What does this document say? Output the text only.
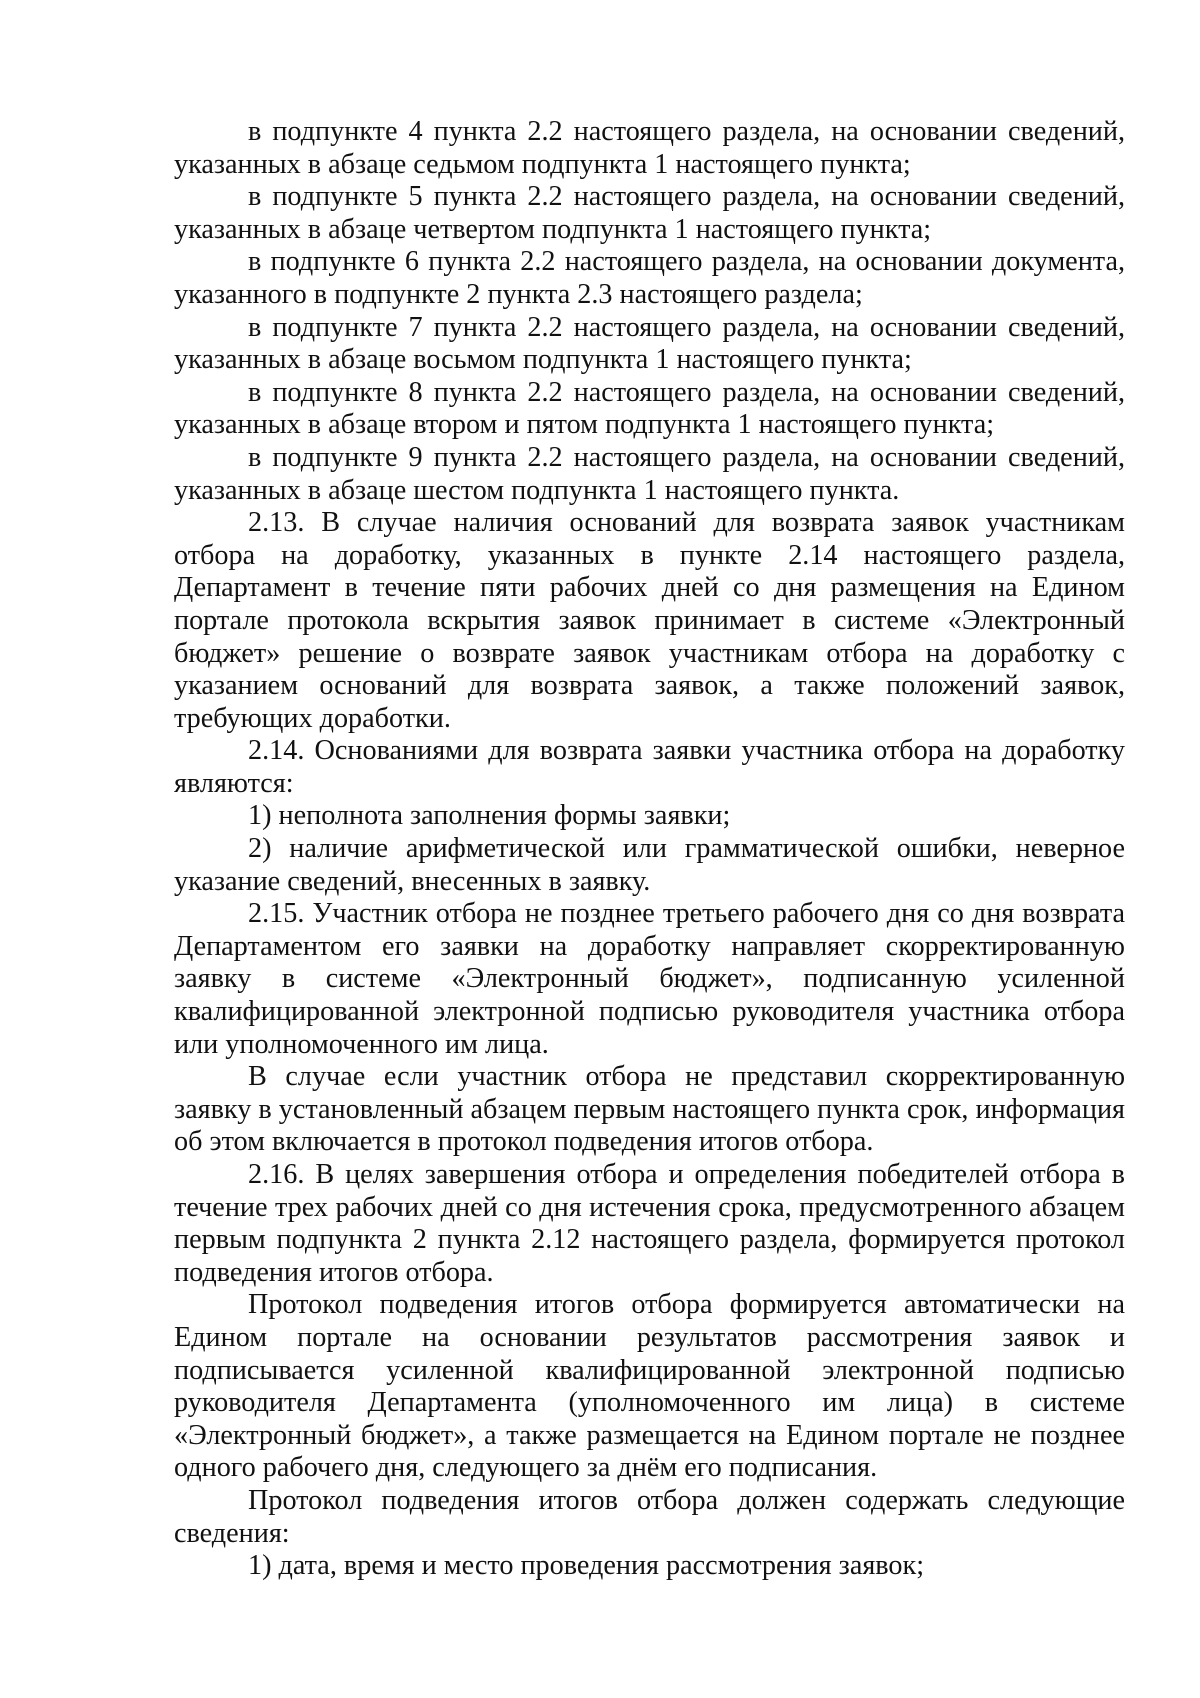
в подпункте 4 пункта 2.2 настоящего раздела, на основании сведений, указанных в абзаце седьмом подпункта 1 настоящего пункта;

в подпункте 5 пункта 2.2 настоящего раздела, на основании сведений, указанных в абзаце четвертом подпункта 1 настоящего пункта;

в подпункте 6 пункта 2.2 настоящего раздела, на основании документа, указанного в подпункте 2 пункта 2.3 настоящего раздела;

в подпункте 7 пункта 2.2 настоящего раздела, на основании сведений, указанных в абзаце восьмом подпункта 1 настоящего пункта;

в подпункте 8 пункта 2.2 настоящего раздела, на основании сведений, указанных в абзаце втором и пятом подпункта 1 настоящего пункта;

в подпункте 9 пункта 2.2 настоящего раздела, на основании сведений, указанных в абзаце шестом подпункта 1 настоящего пункта.

2.13. В случае наличия оснований для возврата заявок участникам отбора на доработку, указанных в пункте 2.14 настоящего раздела, Департамент в течение пяти рабочих дней со дня размещения на Едином портале протокола вскрытия заявок принимает в системе «Электронный бюджет» решение о возврате заявок участникам отбора на доработку с указанием оснований для возврата заявок, а также положений заявок, требующих доработки.

2.14. Основаниями для возврата заявки участника отбора на доработку являются:

1) неполнота заполнения формы заявки;

2) наличие арифметической или грамматической ошибки, неверное указание сведений, внесенных в заявку.

2.15. Участник отбора не позднее третьего рабочего дня со дня возврата Департаментом его заявки на доработку направляет скорректированную заявку в системе «Электронный бюджет», подписанную усиленной квалифицированной электронной подписью руководителя участника отбора или уполномоченного им лица.

В случае если участник отбора не представил скорректированную заявку в установленный абзацем первым настоящего пункта срок, информация об этом включается в протокол подведения итогов отбора.

2.16. В целях завершения отбора и определения победителей отбора в течение трех рабочих дней со дня истечения срока, предусмотренного абзацем первым подпункта 2 пункта 2.12 настоящего раздела, формируется протокол подведения итогов отбора.

Протокол подведения итогов отбора формируется автоматически на Едином портале на основании результатов рассмотрения заявок и подписывается усиленной квалифицированной электронной подписью руководителя Департамента (уполномоченного им лица) в системе «Электронный бюджет», а также размещается на Едином портале не позднее одного рабочего дня, следующего за днём его подписания.

Протокол подведения итогов отбора должен содержать следующие сведения:

1) дата, время и место проведения рассмотрения заявок;
